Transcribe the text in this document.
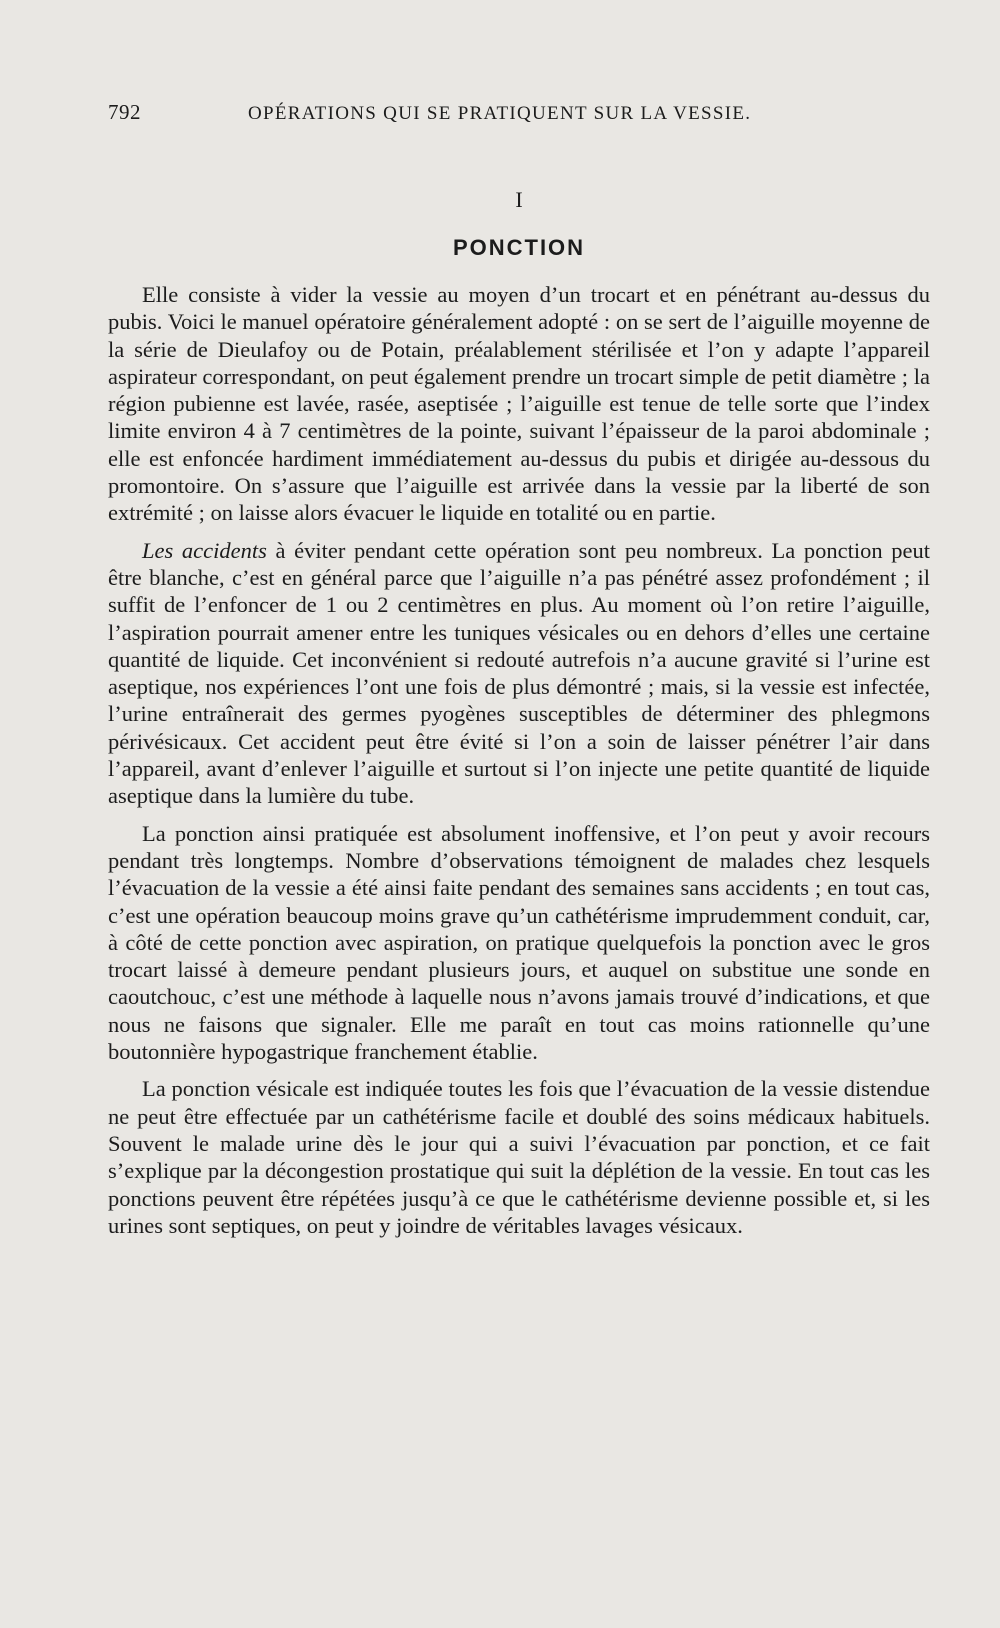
792	OPÉRATIONS QUI SE PRATIQUENT SUR LA VESSIE.
I
PONCTION

Elle consiste à vider la vessie au moyen d’un trocart et en pénétrant au-dessus du pubis. Voici le manuel opératoire généralement adopté : on se sert de l’aiguille moyenne de la série de Dieulafoy ou de Potain, préalablement stérilisée et l’on y adapte l’appareil aspirateur correspondant, on peut également prendre un trocart simple de petit diamètre ; la région pubienne est lavée, rasée, aseptisée ; l’aiguille est tenue de telle sorte que l’index limite environ 4 à 7 centimètres de la pointe, suivant l’épaisseur de la paroi abdominale ; elle est enfoncée hardiment immédiatement au-dessus du pubis et dirigée au-dessous du promontoire. On s’assure que l’aiguille est arrivée dans la vessie par la liberté de son extrémité ; on laisse alors évacuer le liquide en totalité ou en partie.

Les accidents à éviter pendant cette opération sont peu nombreux. La ponction peut être blanche, c’est en général parce que l’aiguille n’a pas pénétré assez profondément ; il suffit de l’enfoncer de 1 ou 2 centimètres en plus. Au moment où l’on retire l’aiguille, l’aspiration pourrait amener entre les tuniques vésicales ou en dehors d’elles une certaine quantité de liquide. Cet inconvénient si redouté autrefois n’a aucune gravité si l’urine est aseptique, nos expériences l’ont une fois de plus démontré ; mais, si la vessie est infectée, l’urine entraînerait des germes pyogènes susceptibles de déterminer des phlegmons périvésicaux. Cet accident peut être évité si l’on a soin de laisser pénétrer l’air dans l’appareil, avant d’enlever l’aiguille et surtout si l’on injecte une petite quantité de liquide aseptique dans la lumière du tube.

La ponction ainsi pratiquée est absolument inoffensive, et l’on peut y avoir recours pendant très longtemps. Nombre d’observations témoignent de malades chez lesquels l’évacuation de la vessie a été ainsi faite pendant des semaines sans accidents ; en tout cas, c’est une opération beaucoup moins grave qu’un cathétérisme imprudemment conduit, car, à côté de cette ponction avec aspiration, on pratique quelquefois la ponction avec le gros trocart laissé à demeure pendant plusieurs jours, et auquel on substitue une sonde en caoutchouc, c’est une méthode à laquelle nous n’avons jamais trouvé d’indications, et que nous ne faisons que signaler. Elle me paraît en tout cas moins rationnelle qu’une boutonnière hypogastrique franchement établie.

La ponction vésicale est indiquée toutes les fois que l’évacuation de la vessie distendue ne peut être effectuée par un cathétérisme facile et doublé des soins médicaux habituels. Souvent le malade urine dès le jour qui a suivi l’évacuation par ponction, et ce fait s’explique par la décongestion prostatique qui suit la déplétion de la vessie. En tout cas les ponctions peuvent être répétées jusqu’à ce que le cathétérisme devienne possible et, si les urines sont septiques, on peut y joindre de véritables lavages vésicaux.
